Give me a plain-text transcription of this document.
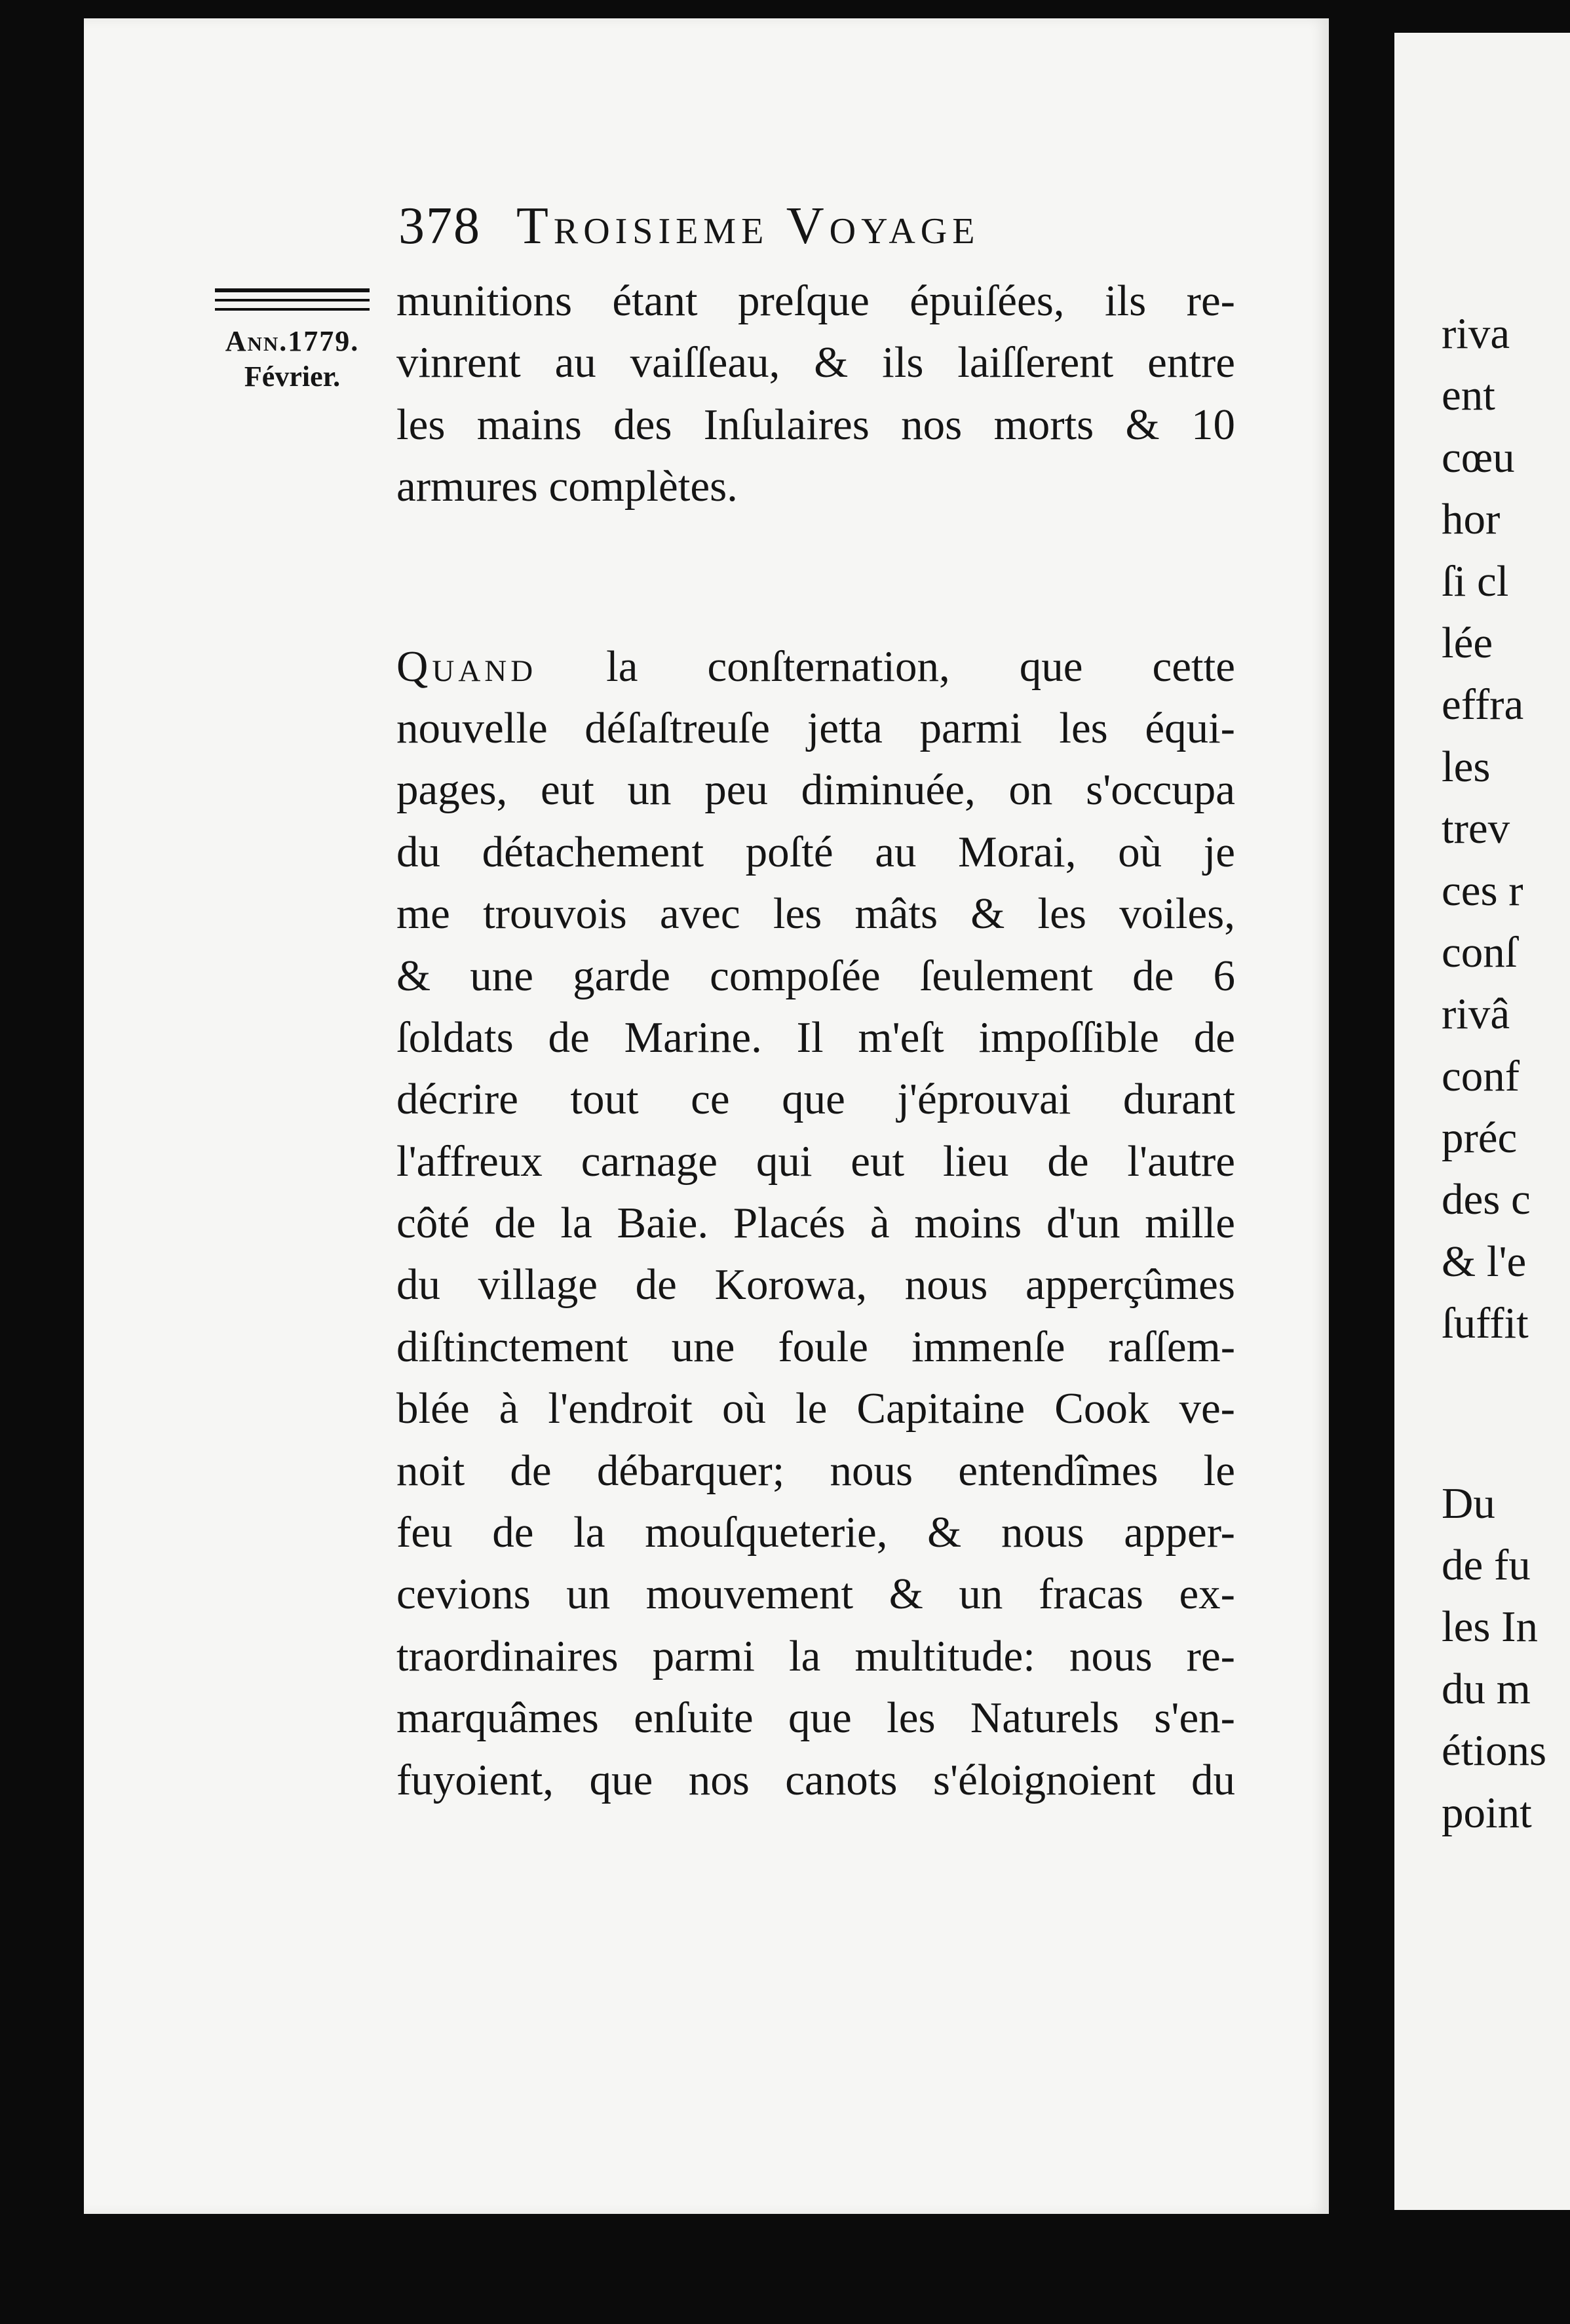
378 Troisieme Voyage
Ann.1779.
Février.
munitions étant preſque épuiſées, ils re-
vinrent au vaiſſeau, & ils laiſſerent entre
les mains des Inſulaires nos morts & 10
armures complètes.
Quand la conſternation, que cette
nouvelle déſaſtreuſe jetta parmi les équi-
pages, eut un peu diminuée, on s'occupa
du détachement poſté au Morai, où je
me trouvois avec les mâts & les voiles,
& une garde compoſée ſeulement de 6
ſoldats de Marine. Il m'eſt impoſſible de
décrire tout ce que j'éprouvai durant
l'affreux carnage qui eut lieu de l'autre
côté de la Baie. Placés à moins d'un mille
du village de Korowa, nous apperçûmes
diſtinctement une foule immenſe raſſem-
blée à l'endroit où le Capitaine Cook ve-
noit de débarquer; nous entendîmes le
feu de la mouſqueterie, & nous apper-
cevions un mouvement & un fracas ex-
traordinaires parmi la multitude: nous re-
marquâmes enſuite que les Naturels s'en-
fuyoient, que nos canots s'éloignoient du
riva
ent
cœu
hor
ſi cl
lée
effra
les
trev
ces r
conſ
rivâ
conf
préc
des c
& l'e
ſuffit
Du
de fu
les In
du m
étions
point
